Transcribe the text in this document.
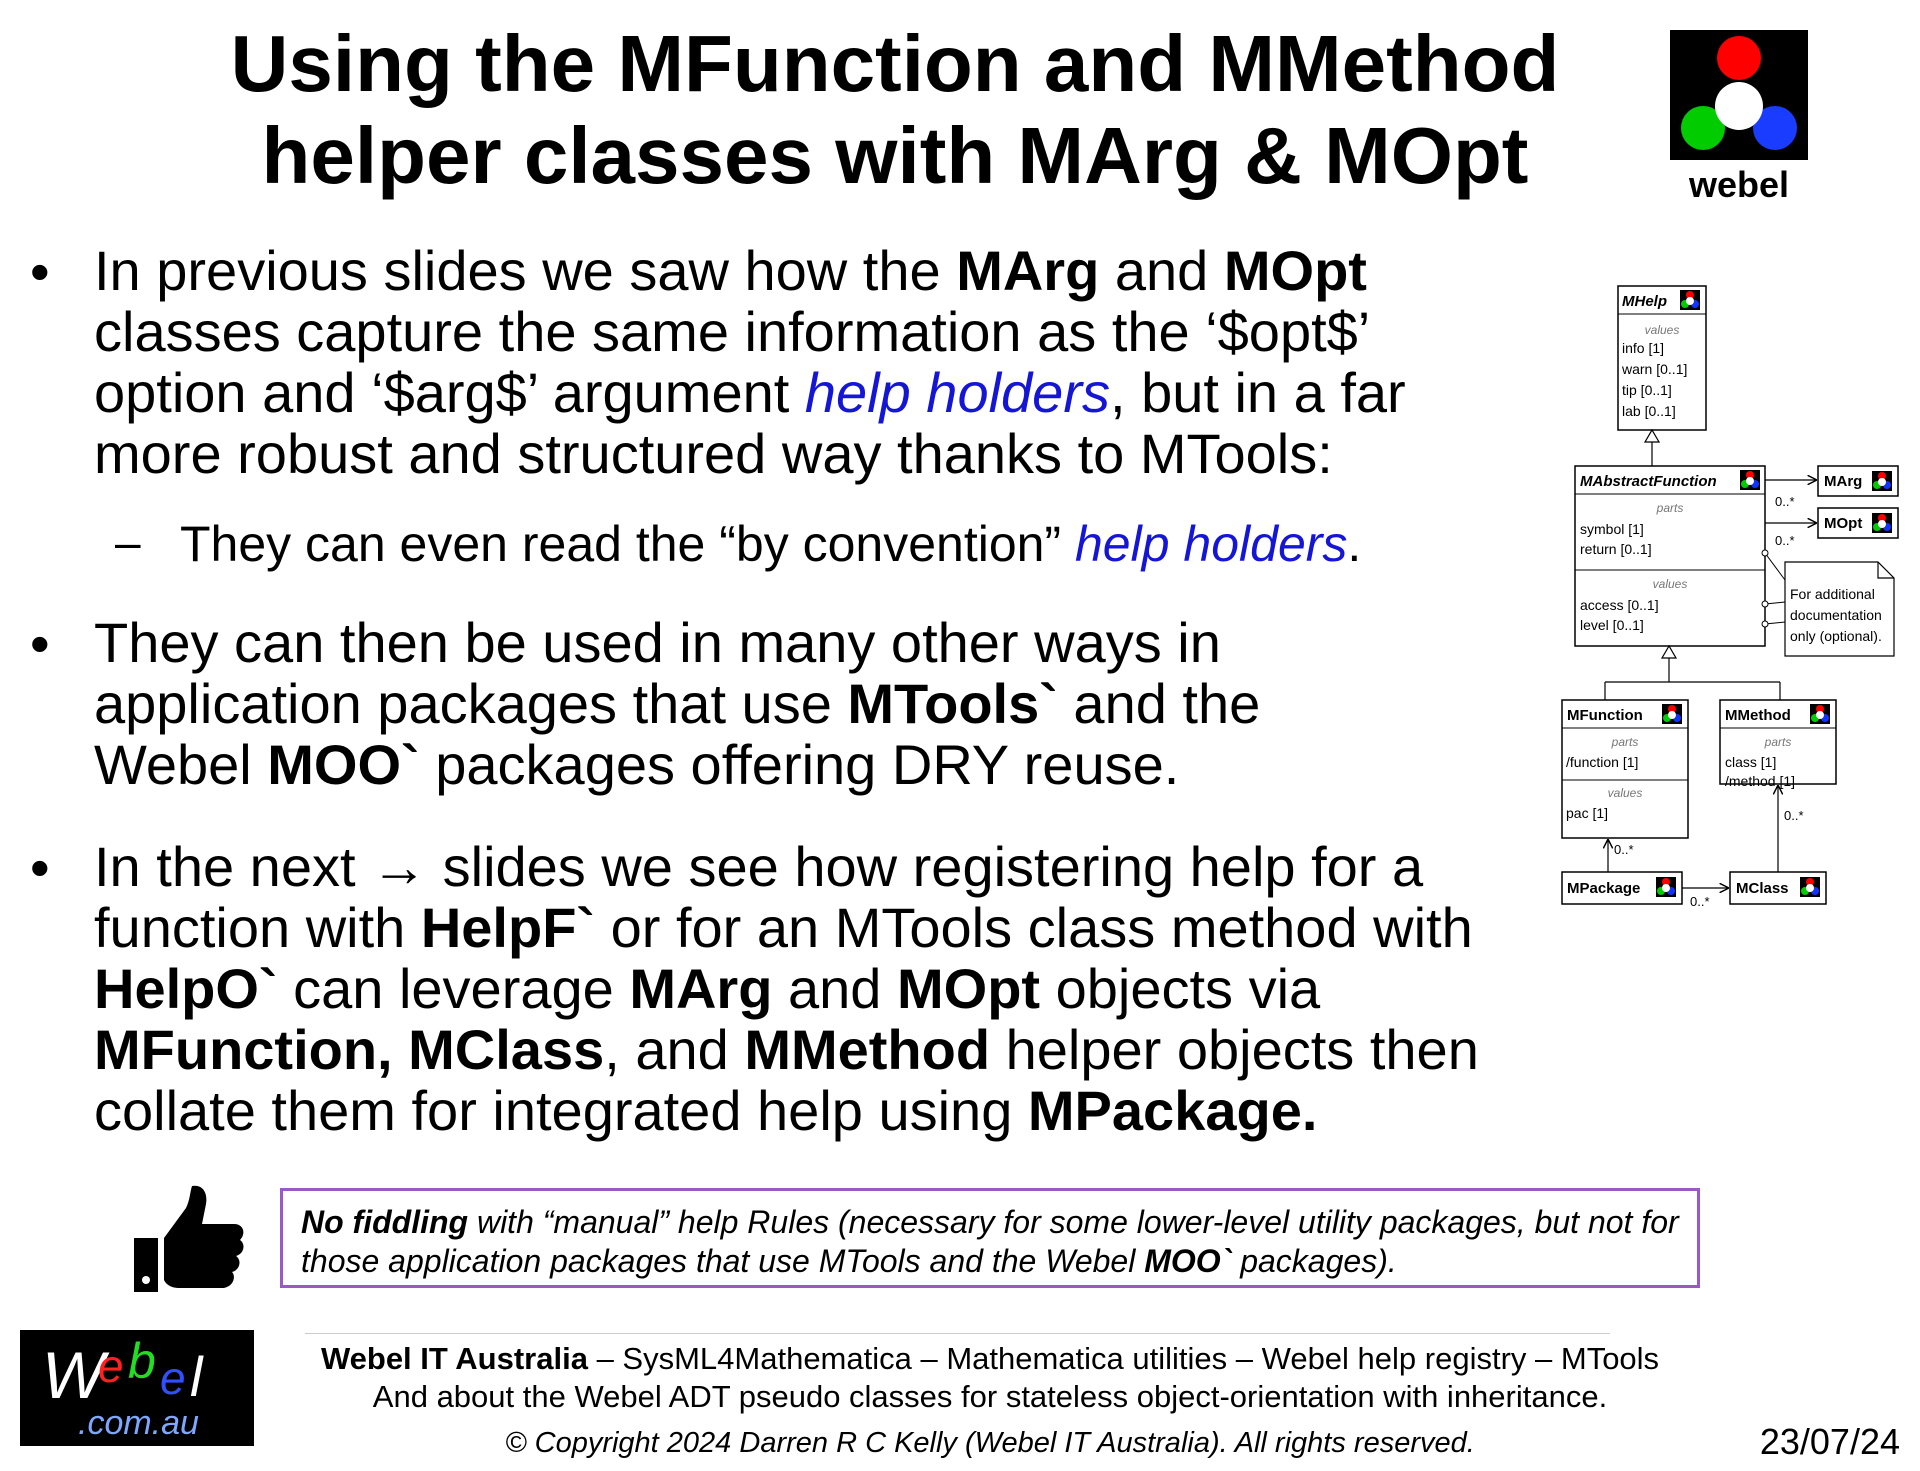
Using the MFunction and MMethod
helper classes with MArg & MOpt	webel
• In previous slides we saw how the MArg and MOpt classes capture the same information as the ‘$opt$’ option and ‘$arg$’ argument help holders, but in a far more robust and structured way thanks to MTools:
– They can even read the “by convention” help holders.
• They can then be used in many other ways in application packages that use MTools` and the Webel MOO` packages offering DRY reuse.
• In the next → slides we see how registering help for a function with HelpF` or for an MTools class method with HelpO` can leverage MArg and MOpt objects via MFunction, MClass, and MMethod helper objects then collate them for integrated help using MPackage.
MHelp
values
info [1]
warn [0..1]
tip [0..1]
lab [0..1]
MAbstractFunction
parts
symbol [1]
return [0..1]
values
access [0..1]
level [0..1]
MArg
MOpt
0..*
0..*
For additional
documentation
only (optional).
MFunction
parts
/function [1]
values
pac [1]
MMethod
parts
class [1]
/method [1]
MPackage	MClass
0..*
0..*
0..*
No fiddling with “manual” help Rules (necessary for some lower-level utility packages, but not for those application packages that use MTools and the Webel MOO` packages).
W
e b e l
.com.au
Webel IT Australia – SysML4Mathematica – Mathematica utilities – Webel help registry – MTools
And about the Webel ADT pseudo classes for stateless object-orientation with inheritance.
© Copyright 2024 Darren R C Kelly (Webel IT Australia). All rights reserved.	23/07/24
